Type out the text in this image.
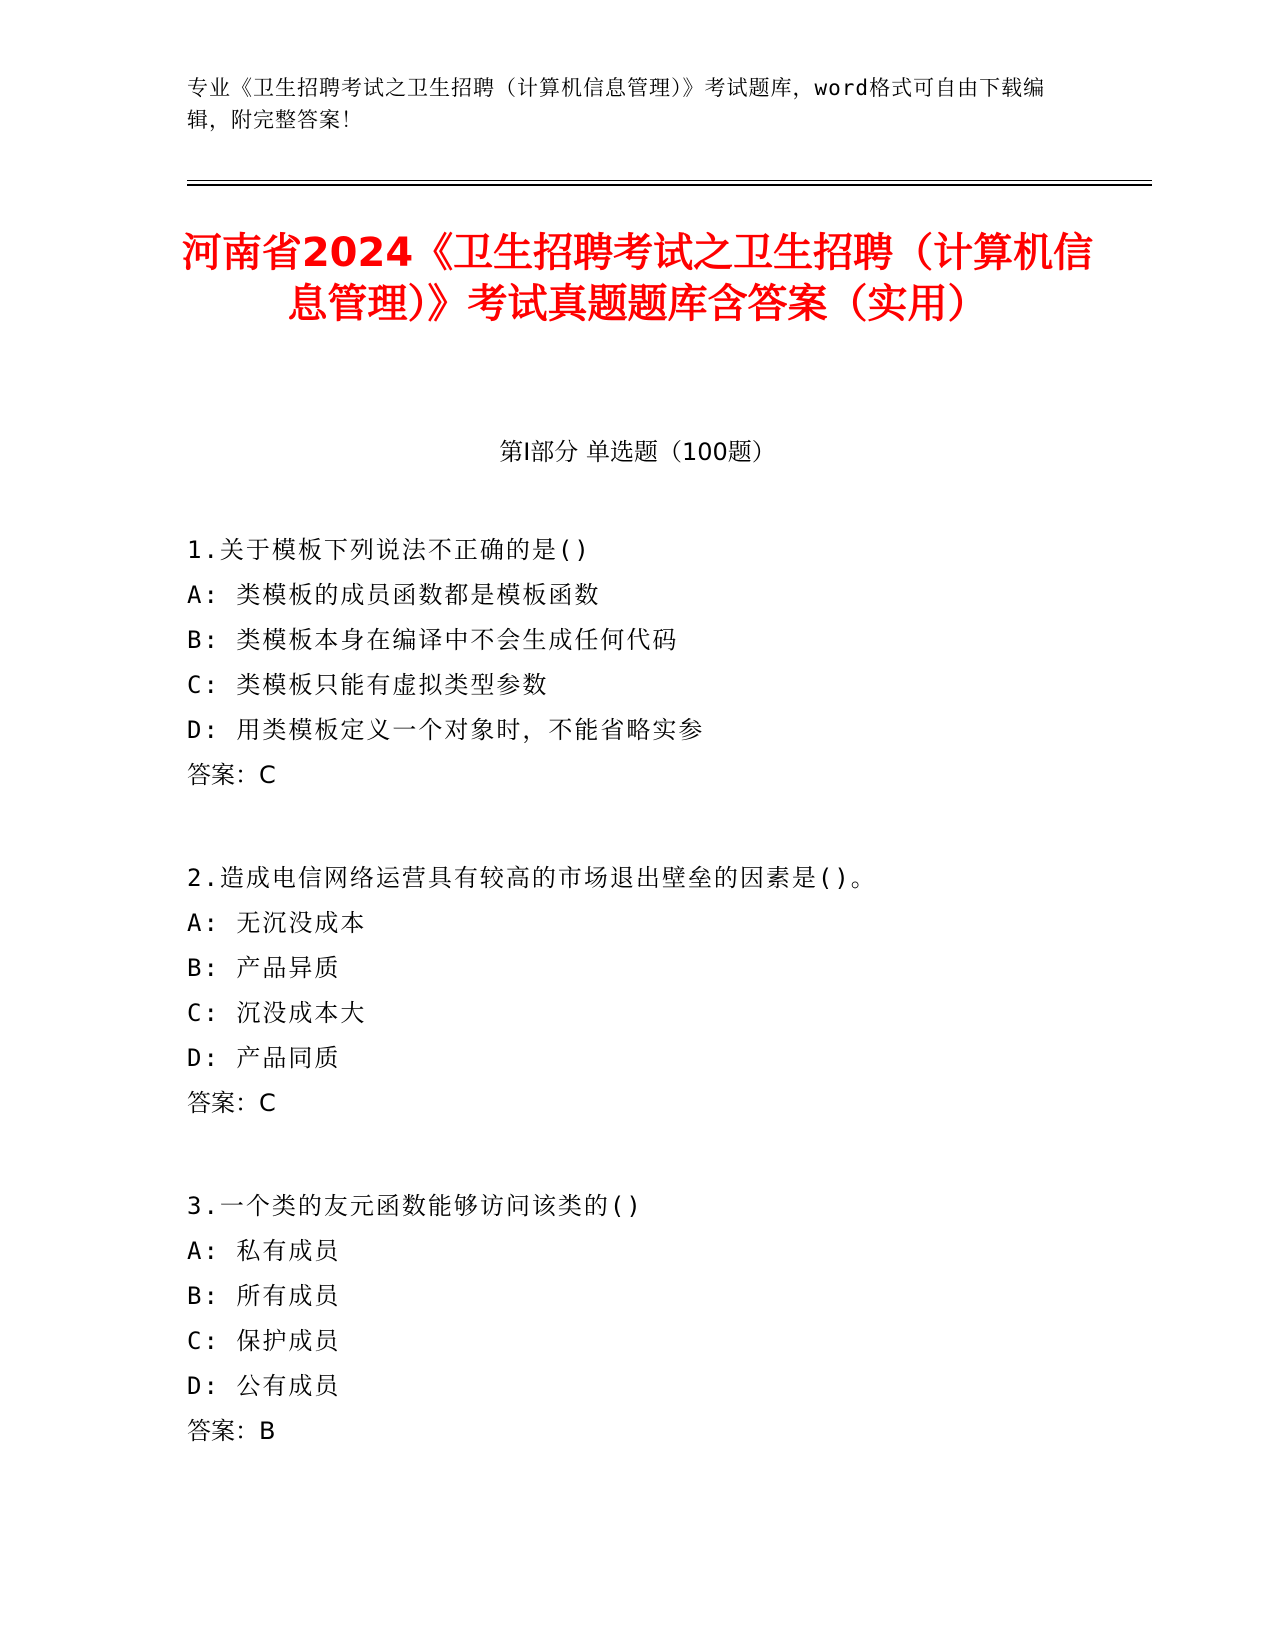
专业《卫生招聘考试之卫生招聘（计算机信息管理）》考试题库，word格式可自由下载编辑，附完整答案！
河南省2024《卫生招聘考试之卫生招聘（计算机信息管理）》考试真题题库含答案（实用）
第I部分 单选题（100题）
1.关于模板下列说法不正确的是()
A: 类模板的成员函数都是模板函数
B: 类模板本身在编译中不会生成任何代码
C: 类模板只能有虚拟类型参数
D: 用类模板定义一个对象时，不能省略实参
答案：C
2.造成电信网络运营具有较高的市场退出壁垒的因素是()。
A: 无沉没成本
B: 产品异质
C: 沉没成本大
D: 产品同质
答案：C
3.一个类的友元函数能够访问该类的()
A: 私有成员
B: 所有成员
C: 保护成员
D: 公有成员
答案：B
